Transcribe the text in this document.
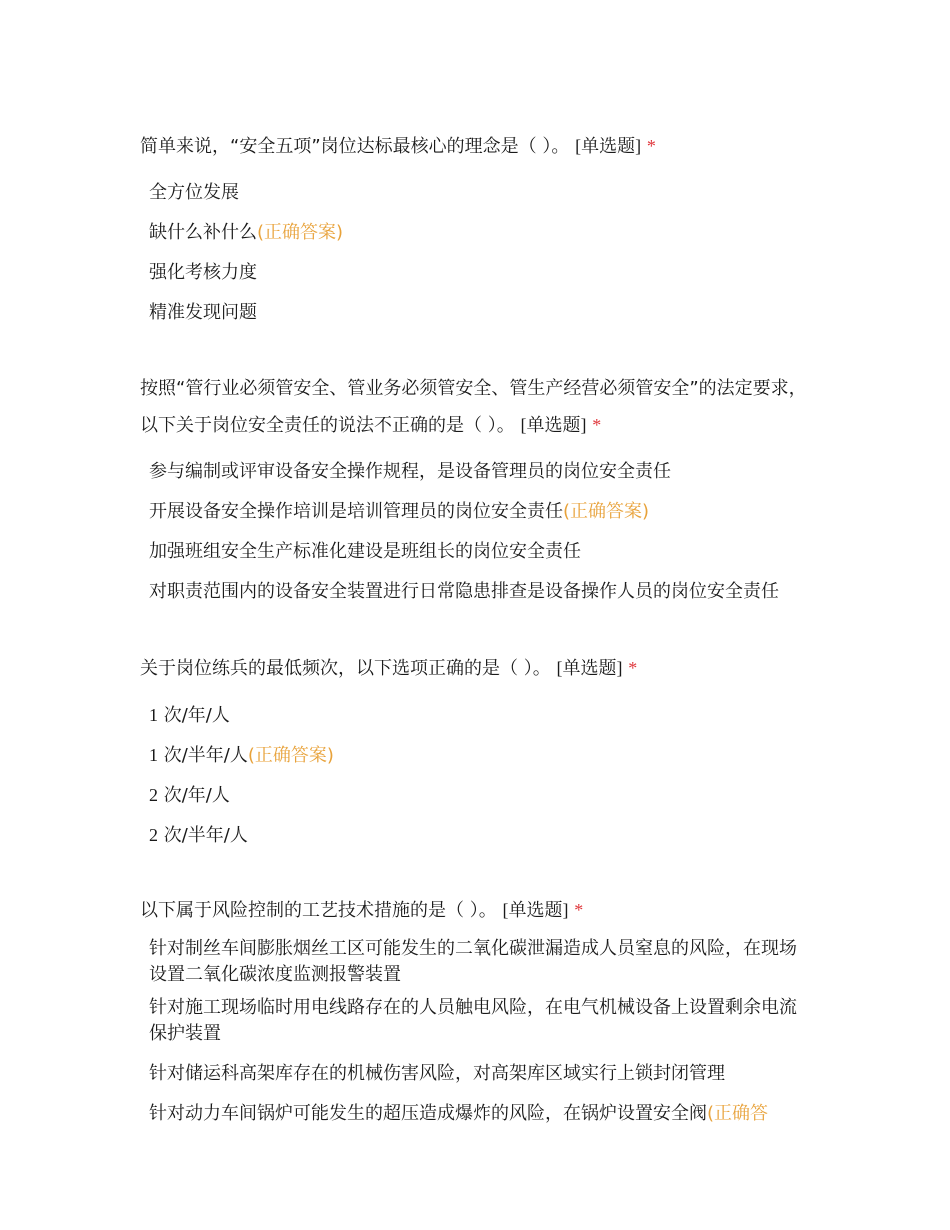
简单来说，“安全五项”岗位达标最核心的理念是（ ）。 [单选题] *

全方位发展
缺什么补什么(正确答案)
强化考核力度
精准发现问题

按照“管行业必须管安全、管业务必须管安全、管生产经营必须管安全”的法定要求，以下关于岗位安全责任的说法不正确的是（ ）。 [单选题] *

参与编制或评审设备安全操作规程，是设备管理员的岗位安全责任
开展设备安全操作培训是培训管理员的岗位安全责任(正确答案)
加强班组安全生产标准化建设是班组长的岗位安全责任
对职责范围内的设备安全装置进行日常隐患排查是设备操作人员的岗位安全责任

关于岗位练兵的最低频次，以下选项正确的是（ ）。 [单选题] *

1 次/年/人
1 次/半年/人(正确答案)
2 次/年/人
2 次/半年/人

以下属于风险控制的工艺技术措施的是（ ）。 [单选题] *

针对制丝车间膨胀烟丝工区可能发生的二氧化碳泄漏造成人员窒息的风险，在现场设置二氧化碳浓度监测报警装置
针对施工现场临时用电线路存在的人员触电风险，在电气机械设备上设置剩余电流保护装置
针对储运科高架库存在的机械伤害风险，对高架库区域实行上锁封闭管理
针对动力车间锅炉可能发生的超压造成爆炸的风险，在锅炉设置安全阀(正确答
